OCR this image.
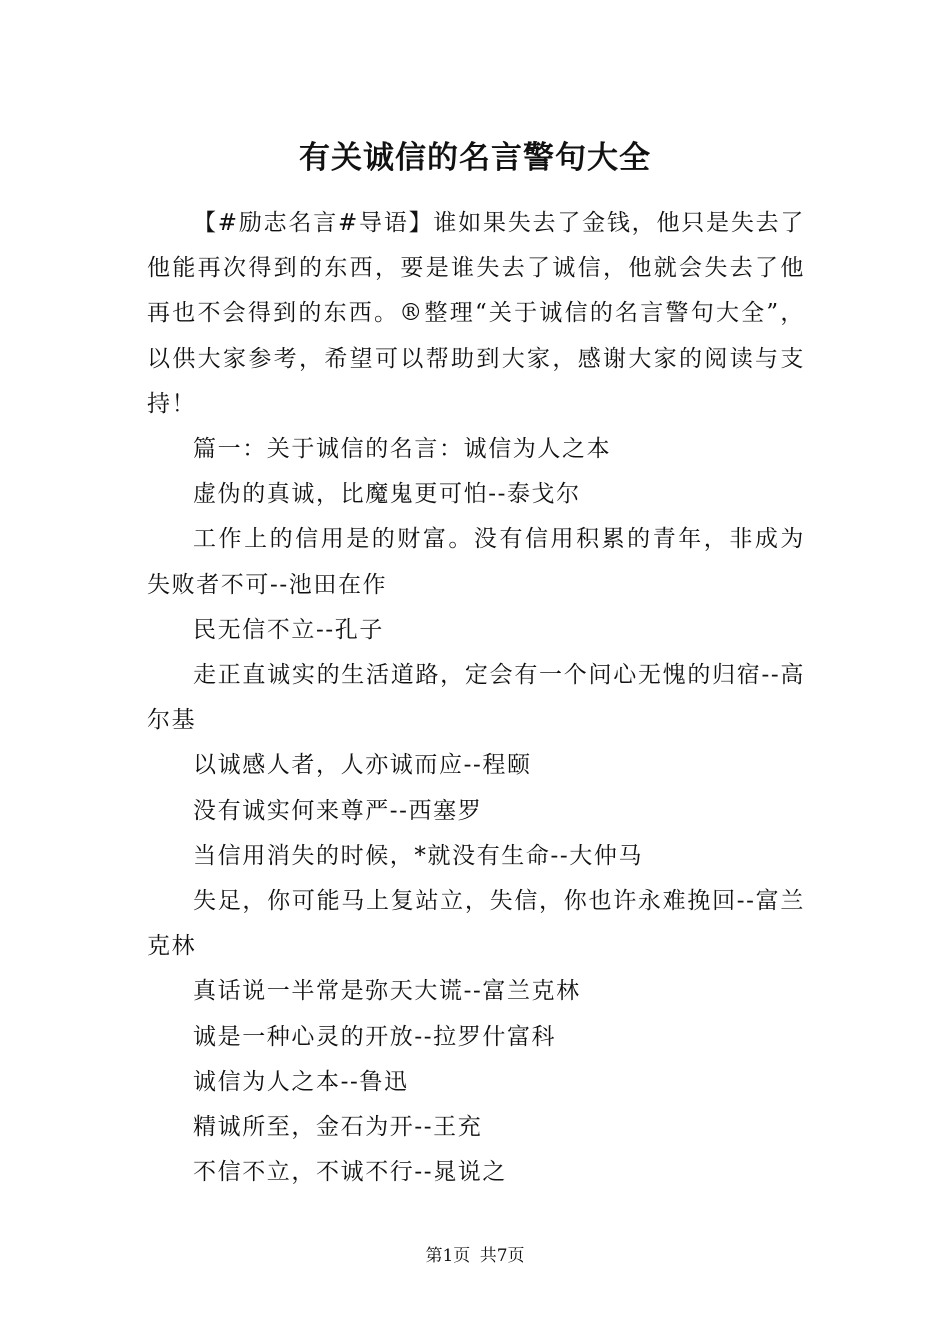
有关诚信的名言警句大全

【#励志名言#导语】谁如果失去了金钱，他只是失去了他能再次得到的东西，要是谁失去了诚信，他就会失去了他再也不会得到的东西。®整理“关于诚信的名言警句大全”，以供大家参考，希望可以帮助到大家，感谢大家的阅读与支持！

篇一：关于诚信的名言：诚信为人之本

虚伪的真诚，比魔鬼更可怕--泰戈尔

工作上的信用是的财富。没有信用积累的青年，非成为失败者不可--池田在作

民无信不立--孔子

走正直诚实的生活道路，定会有一个问心无愧的归宿--高尔基

以诚感人者，人亦诚而应--程颐

没有诚实何来尊严--西塞罗

当信用消失的时候，*就没有生命--大仲马

失足，你可能马上复站立，失信，你也许永难挽回--富兰克林

真话说一半常是弥天大谎--富兰克林

诚是一种心灵的开放--拉罗什富科

诚信为人之本--鲁迅

精诚所至，金石为开--王充

不信不立，不诚不行--晁说之

第1页 共7页
